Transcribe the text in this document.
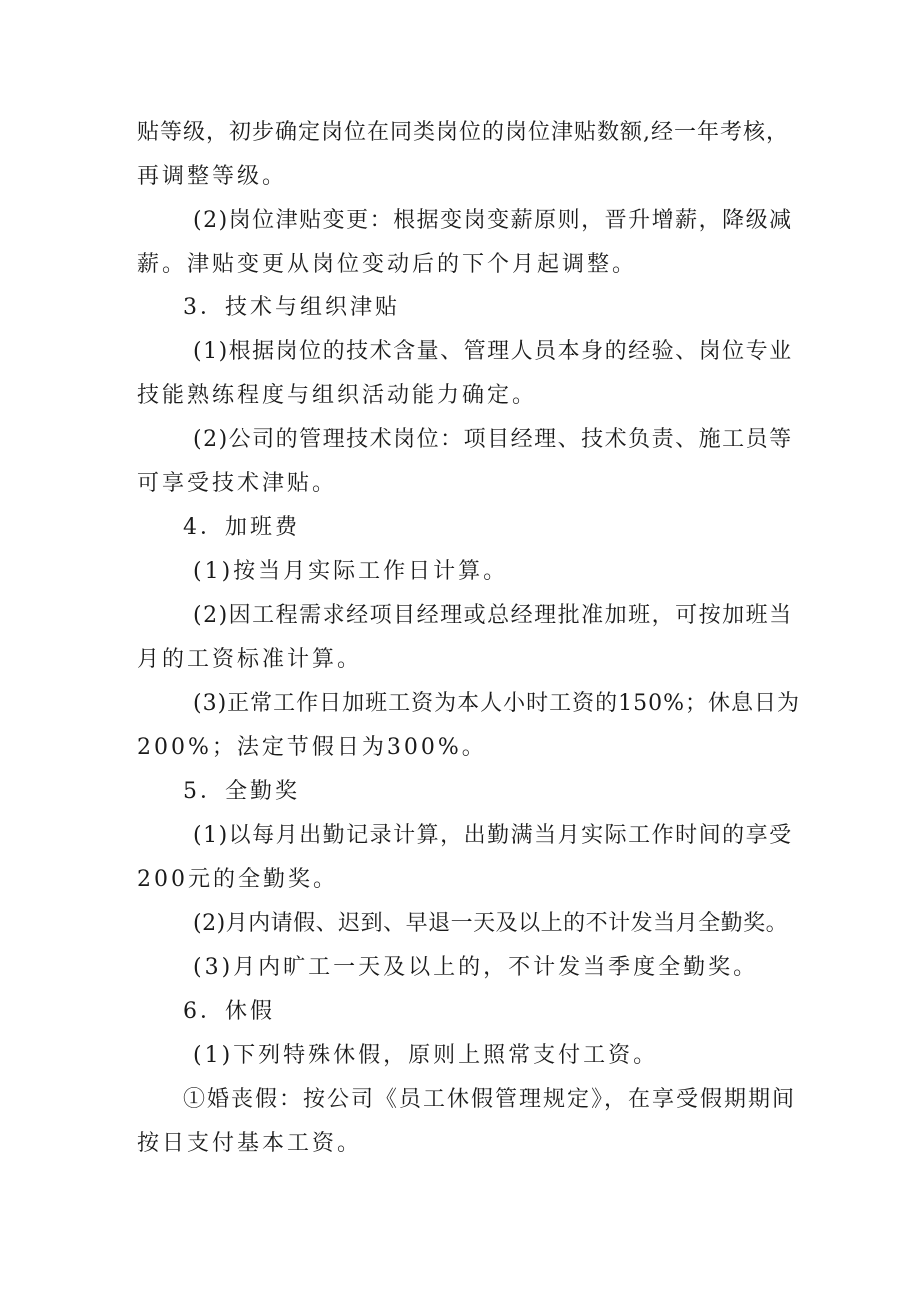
贴等级，初步确定岗位在同类岗位的岗位津贴数额,经一年考核，
再调整等级。
(2)岗位津贴变更：根据变岗变薪原则，晋升增薪，降级减
薪。津贴变更从岗位变动后的下个月起调整。
3．技术与组织津贴
(1)根据岗位的技术含量、管理人员本身的经验、岗位专业
技能熟练程度与组织活动能力确定。
(2)公司的管理技术岗位：项目经理、技术负责、施工员等
可享受技术津贴。
4．加班费
(1)按当月实际工作日计算。
(2)因工程需求经项目经理或总经理批准加班，可按加班当
月的工资标准计算。
(3)正常工作日加班工资为本人小时工资的150%；休息日为
200%；法定节假日为300%。
5．全勤奖
(1)以每月出勤记录计算，出勤满当月实际工作时间的享受
200元的全勤奖。
(2)月内请假、迟到、早退一天及以上的不计发当月全勤奖。
(3)月内旷工一天及以上的，不计发当季度全勤奖。
6．休假
(1)下列特殊休假，原则上照常支付工资。
①婚丧假：按公司《员工休假管理规定》，在享受假期期间
按日支付基本工资。
